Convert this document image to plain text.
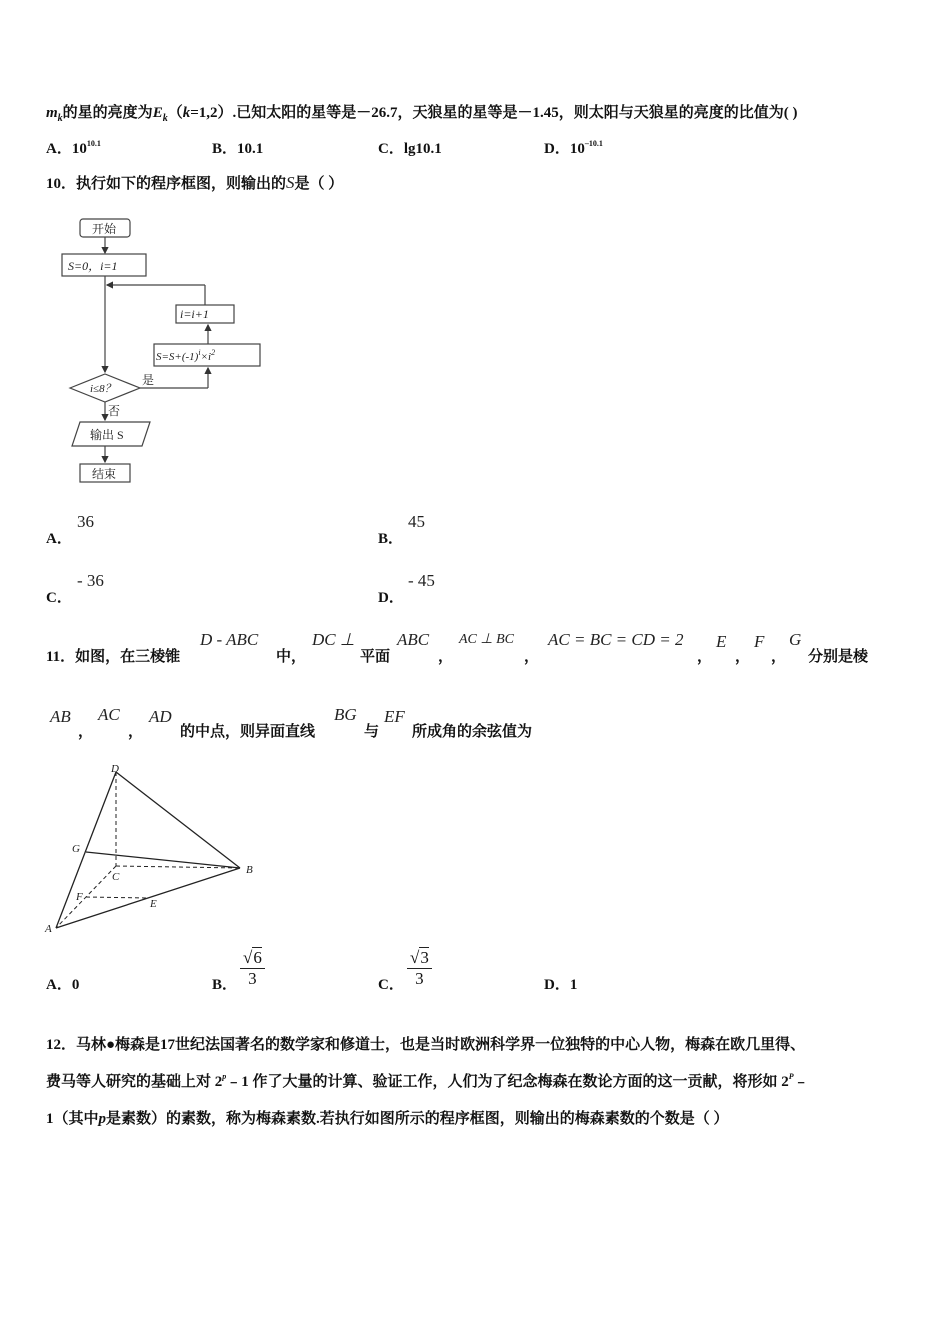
$m_k$的星的亮度为$E_k(k=1,2)$.已知太阳的星等是－26.7，天狼星的星等是－1.45，则太阳与天狼星的亮度的比值为( )
A．$10^{10.1}$	B．10.1	C．lg10.1	D．$10^{-10.1}$
10．执行如下的程序框图，则输出的S是（ ）
开始
S=0，i=1
i=i+1
$S=S+(-1)^i\times i^2$
i≤8？
是
否
输出 S
结束
A．
36
B．
45
C．
- 36
D．
- 45
11．如图，在三棱锥
D - ABC
中，
DC ⊥
平面
ABC
，
AC ⊥ BC
，
AC = BC = CD = 2
，
E
，
F
，
G
分别是棱
AB
，
AC
，
AD
的中点，则异面直线
BG
与
EF
所成角的余弦值为
D
G
C
B
F
E
A
A．0	B． $\frac{√6}{3}$	C． $\frac{√3}{3}$	D．1
12．马林●梅森是17世纪法国著名的数学家和修道士，也是当时欧洲科学界一位独特的中心人物，梅森在欧几里得、
费马等人研究的基础上对 2$^p$﹣1 作了大量的计算、验证工作，人们为了纪念梅森在数论方面的这一贡献，将形如 $2^P﹣$
1（其中p是素数）的素数，称为梅森素数.若执行如图所示的程序框图，则输出的梅森素数的个数是（ ）
